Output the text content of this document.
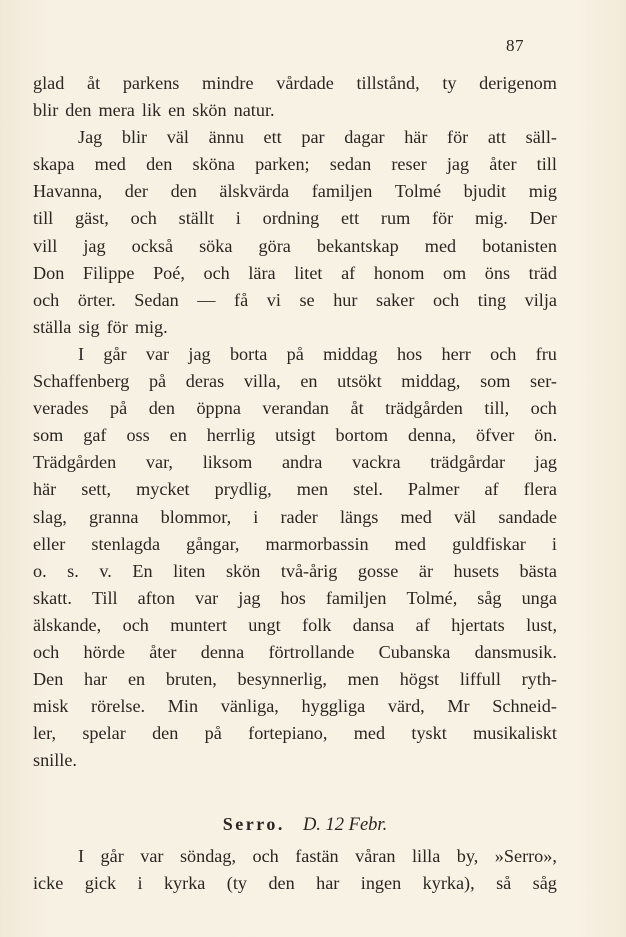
87
glad åt parkens mindre vårdade tillstånd, ty derigenom
blir den mera lik en skön natur.
Jag blir väl ännu ett par dagar här för att säll-
skapa med den sköna parken; sedan reser jag åter till
Havanna, der den älskvärda familjen Tolmé bjudit mig
till gäst, och ställt i ordning ett rum för mig. Der
vill jag också söka göra bekantskap med botanisten
Don Filippe Poé, och lära litet af honom om öns träd
och örter. Sedan — få vi se hur saker och ting vilja
ställa sig för mig.
I går var jag borta på middag hos herr och fru
Schaffenberg på deras villa, en utsökt middag, som ser-
verades på den öppna verandan åt trädgården till, och
som gaf oss en herrlig utsigt bortom denna, öfver ön.
Trädgården var, liksom andra vackra trädgårdar jag
här sett, mycket prydlig, men stel. Palmer af flera
slag, granna blommor, i rader längs med väl sandade
eller stenlagda gångar, marmorbassin med guldfiskar i
o. s. v. En liten skön två-årig gosse är husets bästa
skatt. Till afton var jag hos familjen Tolmé, såg unga
älskande, och muntert ungt folk dansa af hjertats lust,
och hörde åter denna förtrollande Cubanska dansmusik.
Den har en bruten, besynnerlig, men högst liffull ryth-
misk rörelse. Min vänliga, hyggliga värd, Mr Schneid-
ler, spelar den på fortepiano, med tyskt musikaliskt
snille.
Serro. D. 12 Febr.
I går var söndag, och fastän våran lilla by, »Serro»,
icke gick i kyrka (ty den har ingen kyrka), så såg
